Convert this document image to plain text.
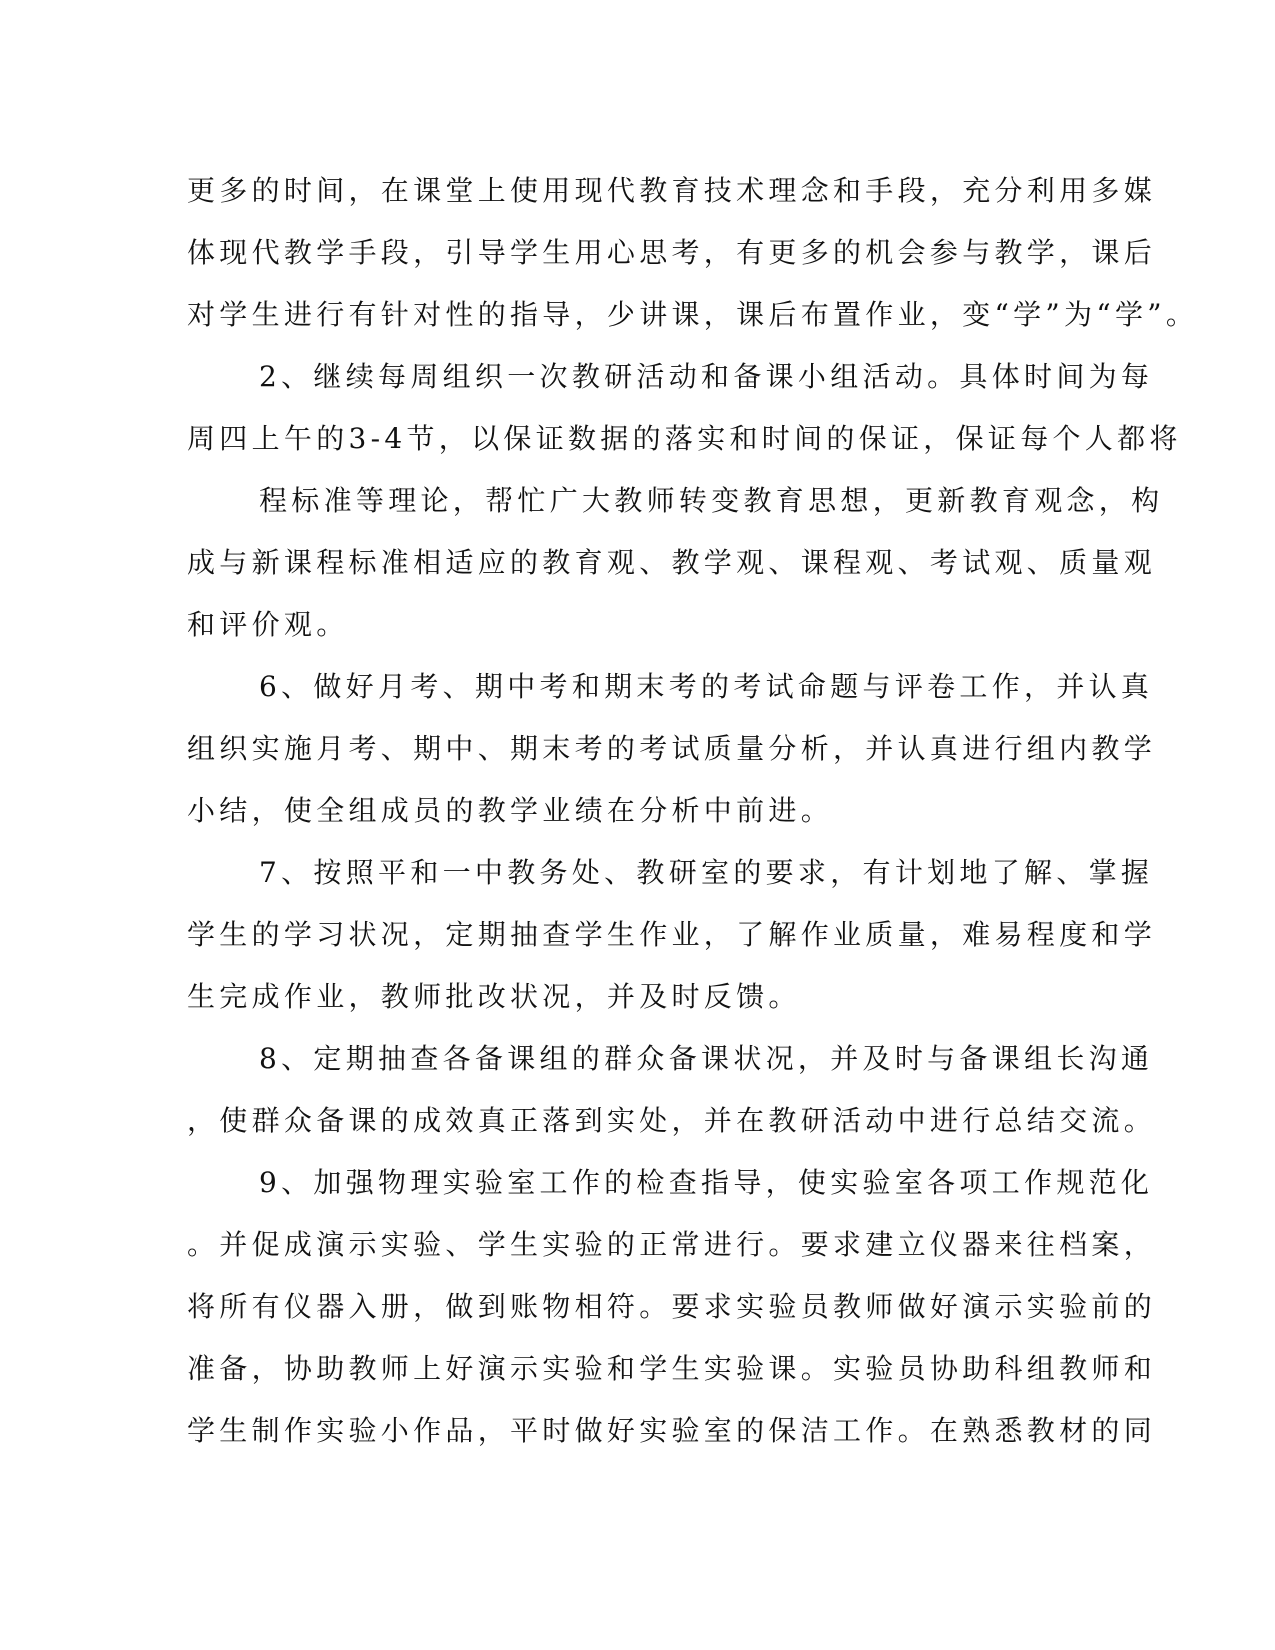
更多的时间，在课堂上使用现代教育技术理念和手段，充分利用多媒
体现代教学手段，引导学生用心思考，有更多的机会参与教学，课后
对学生进行有针对性的指导，少讲课，课后布置作业，变“学”为“学”。
2、继续每周组织一次教研活动和备课小组活动。具体时间为每
周四上午的3-4节，以保证数据的落实和时间的保证，保证每个人都将
程标准等理论，帮忙广大教师转变教育思想，更新教育观念，构
成与新课程标准相适应的教育观、教学观、课程观、考试观、质量观
和评价观。
6、做好月考、期中考和期末考的考试命题与评卷工作，并认真
组织实施月考、期中、期末考的考试质量分析，并认真进行组内教学
小结，使全组成员的教学业绩在分析中前进。
7、按照平和一中教务处、教研室的要求，有计划地了解、掌握
学生的学习状况，定期抽查学生作业，了解作业质量，难易程度和学
生完成作业，教师批改状况，并及时反馈。
8、定期抽查各备课组的群众备课状况，并及时与备课组长沟通
，使群众备课的成效真正落到实处，并在教研活动中进行总结交流。
9、加强物理实验室工作的检查指导，使实验室各项工作规范化
。并促成演示实验、学生实验的正常进行。要求建立仪器来往档案，
将所有仪器入册，做到账物相符。要求实验员教师做好演示实验前的
准备，协助教师上好演示实验和学生实验课。实验员协助科组教师和
学生制作实验小作品，平时做好实验室的保洁工作。在熟悉教材的同
